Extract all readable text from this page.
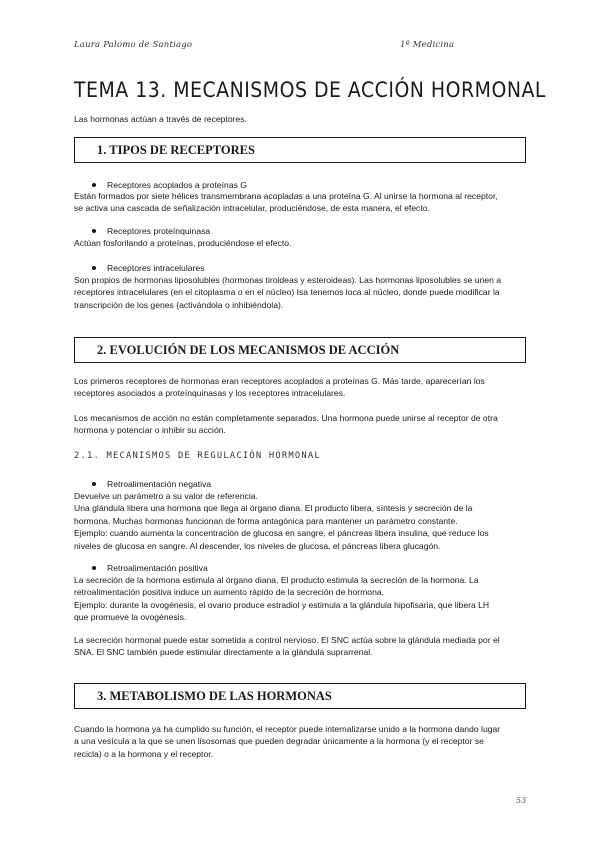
Laura Palomo de Santiago	1º Medicina
TEMA 13. MECANISMOS DE ACCIÓN HORMONAL
Las hormonas actúan a través de receptores.
1. TIPOS DE RECEPTORES
Receptores acoplados a proteínas G
Están formados por siete hélices transmembrana acopladas a una proteína G. Al unirse la hormona al receptor,
se activa una cascada de señalización intracelular, produciéndose, de esta manera, el efecto.
Receptores proteínquinasa
Actúan fosforilando a proteínas, produciéndose el efecto.
Receptores intracelulares
Son propios de hormonas liposolubles (hormonas tiroideas y esteroideas). Las hormonas liposolubles se unen a
receptores intracelulares (en el citoplasma o en el núcleo) Isa tenemos loca al núcleo, donde puede modificar la
transcripción de los genes (activándola o inhibiéndola).
2. EVOLUCIÓN DE LOS MECANISMOS DE ACCIÓN
Los primeros receptores de hormonas eran receptores acoplados a proteínas G. Más tarde, aparecerían los
receptores asociados a proteínquinasas y los receptores intracelulares.
Los mecanismos de acción no están completamente separados. Una hormona puede unirse al receptor de otra
hormona y potenciar o inhibir su acción.
2.1. MECANISMOS DE REGULACIÓN HORMONAL
Retroalimentación negativa
Devuelve un parámetro a su valor de referencia.
Una glándula libera una hormona que llega al órgano diana. El producto libera, síntesis y secreción de la
hormona. Muchas hormonas funcionan de forma antagónica para mantener un parámetro constante.
Ejemplo: cuando aumenta la concentración de glucosa en sangre, el páncreas libera insulina, que reduce los
niveles de glucosa en sangre. Al descender, los niveles de glucosa, el páncreas libera glucagón.
Retroalimentación positiva
La secreción de la hormona estimula al órgano diana. El producto estimula la secreción de la hormona. La
retroalimentación positiva induce un aumento rápido de la secreción de hormona.
Ejemplo: durante la ovogénesis, el ovario produce estradiol y estimula a la glándula hipofisaria, que libera LH
que promueve la ovogénesis.
La secreción hormonal puede estar sometida a control nervioso. El SNC actúa sobre la glándula mediada por el
SNA. El SNC también puede estimular directamente a la glándula suprarrenal.
3. METABOLISMO DE LAS HORMONAS
Cuando la hormona ya ha cumplido su función, el receptor puede internalizarse unido a la hormona dando lugar
a una vesícula a la que se unen lisosomas que pueden degradar únicamente a la hormona (y el receptor se
recicla) o a la hormona y el receptor.
53
